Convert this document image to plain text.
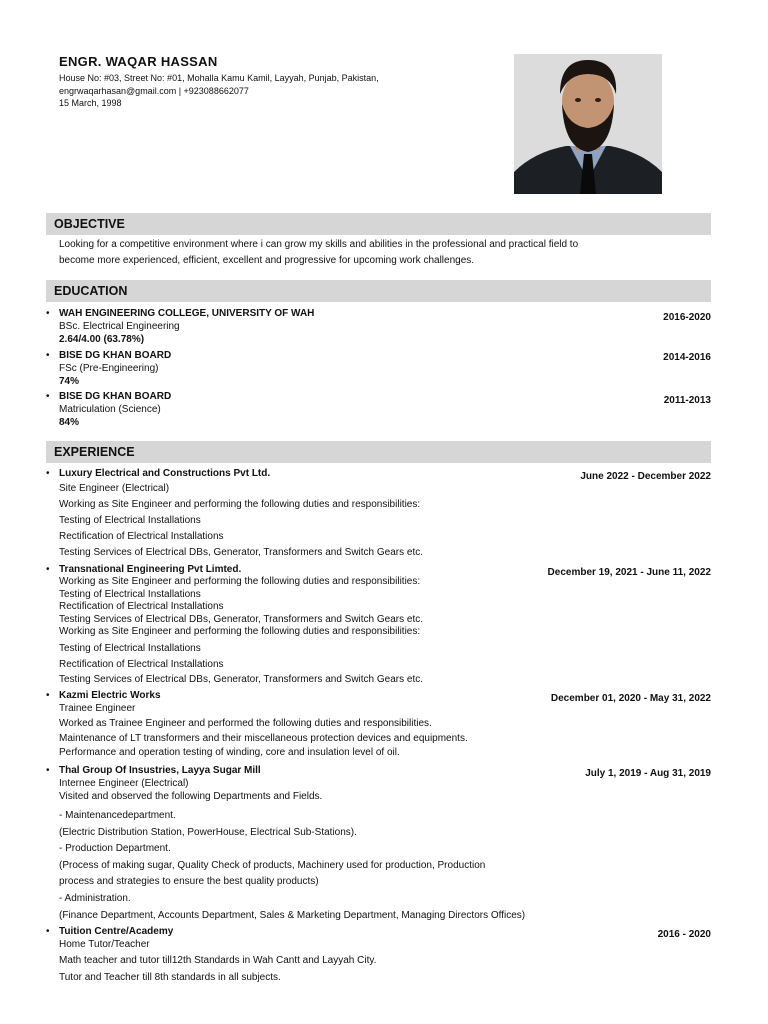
ENGR. WAQAR HASSAN
House No: #03, Street No: #01, Mohalla Kamu Kamil, Layyah, Punjab, Pakistan,
engrwaqarhasan@gmail.com | +923088662077
15 March, 1998
OBJECTIVE
Looking for a competitive environment where i can grow my skills and abilities in the professional and practical field to
become more experienced, efficient, excellent and progressive for upcoming work challenges.
EDUCATION
• WAH ENGINEERING COLLEGE, UNIVERSITY OF WAH	2016-2020
BSc. Electrical Engineering
2.64/4.00 (63.78%)
• BISE DG KHAN BOARD	2014-2016
FSc (Pre-Engineering)
74%
• BISE DG KHAN BOARD	2011-2013
Matriculation (Science)
84%
EXPERIENCE
• Luxury Electrical and Constructions Pvt Ltd.	June 2022 - December 2022
Site Engineer (Electrical)
Working as Site Engineer and performing the following duties and responsibilities:
Testing of Electrical Installations
Rectification of Electrical Installations
Testing Services of Electrical DBs, Generator, Transformers and Switch Gears etc.
• Transnational Engineering Pvt Limted.	December 19, 2021 - June 11, 2022
Working as Site Engineer and performing the following duties and responsibilities:
Testing of Electrical Installations
Rectification of Electrical Installations
Testing Services of Electrical DBs, Generator, Transformers and Switch Gears etc.
Working as Site Engineer and performing the following duties and responsibilities:
Testing of Electrical Installations
Rectification of Electrical Installations
Testing Services of Electrical DBs, Generator, Transformers and Switch Gears etc.
• Kazmi Electric Works	December 01, 2020 - May 31, 2022
Trainee Engineer
Worked as Trainee Engineer and performed the following duties and responsibilities.
Maintenance of LT transformers and their miscellaneous protection devices and equipments.
Performance and operation testing of winding, core and insulation level of oil.
• Thal Group Of Insustries, Layya Sugar Mill	July 1, 2019 - Aug 31, 2019
Internee Engineer (Electrical)
Visited and observed the following Departments and Fields.
- Maintenancedepartment.
(Electric Distribution Station, PowerHouse, Electrical Sub-Stations).
- Production Department.
(Process of making sugar, Quality Check of products, Machinery used for production, Production
process and strategies to ensure the best quality products)
- Administration.
(Finance Department, Accounts Department, Sales & Marketing Department, Managing Directors Offices)
• Tuition Centre/Academy	2016 - 2020
Home Tutor/Teacher
Math teacher and tutor till12th Standards in Wah Cantt and Layyah City.
Tutor and Teacher till 8th standards in all subjects.
